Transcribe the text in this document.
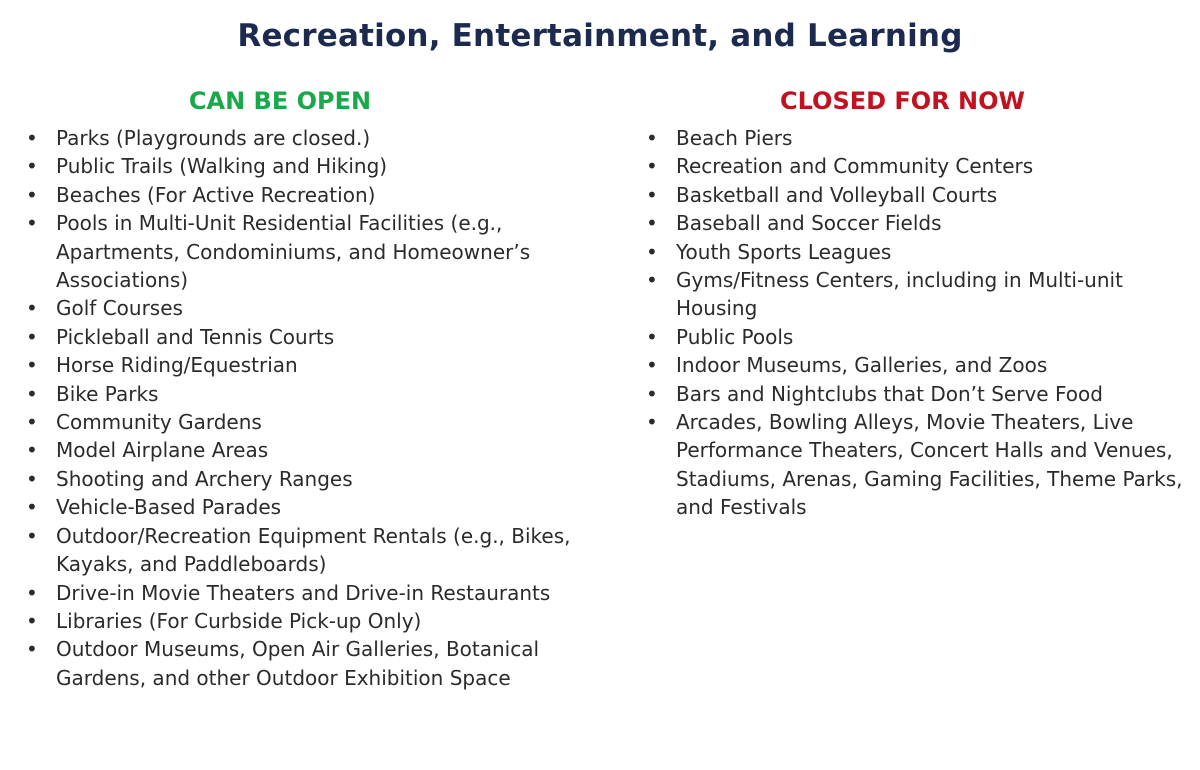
Recreation, Entertainment, and Learning
CAN BE OPEN
• Parks (Playgrounds are closed.)
• Public Trails (Walking and Hiking)
• Beaches (For Active Recreation)
• Pools in Multi-Unit Residential Facilities (e.g., Apartments, Condominiums, and Homeowner’s Associations)
• Golf Courses
• Pickleball and Tennis Courts
• Horse Riding/Equestrian
• Bike Parks
• Community Gardens
• Model Airplane Areas
• Shooting and Archery Ranges
• Vehicle-Based Parades
• Outdoor/Recreation Equipment Rentals (e.g., Bikes, Kayaks, and Paddleboards)
• Drive-in Movie Theaters and Drive-in Restaurants
• Libraries (For Curbside Pick-up Only)
• Outdoor Museums, Open Air Galleries, Botanical Gardens, and other Outdoor Exhibition Space
CLOSED FOR NOW
• Beach Piers
• Recreation and Community Centers
• Basketball and Volleyball Courts
• Baseball and Soccer Fields
• Youth Sports Leagues
• Gyms/Fitness Centers, including in Multi-unit Housing
• Public Pools
• Indoor Museums, Galleries, and Zoos
• Bars and Nightclubs that Don’t Serve Food
• Arcades, Bowling Alleys, Movie Theaters, Live Performance Theaters, Concert Halls and Venues, Stadiums, Arenas, Gaming Facilities, Theme Parks, and Festivals
